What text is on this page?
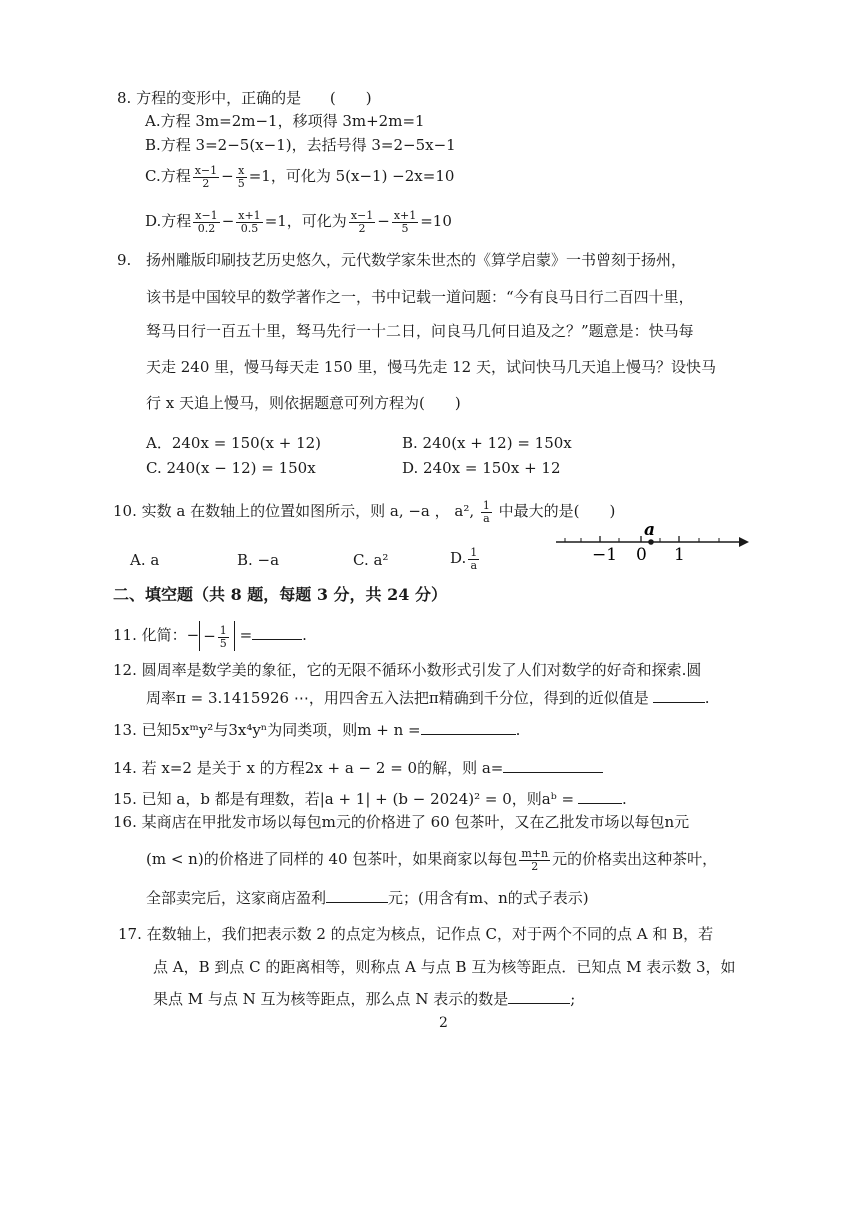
8. 方程的变形中，正确的是 (　　)
A.方程 3m=2m−1，移项得 3m+2m=1
B.方程 3=2−5(x−1)，去括号得 3=2−5x−1
C.方程 $\frac{x-1}{2} - \frac{x}{5} =1$，可化为 5(x−1) −2x=10
D.方程 $\frac{x-1}{0.2} - \frac{x+1}{0.5} =1$，可化为 $\frac{x-1}{2} - \frac{x+1}{5} =10$
9. 扬州雕版印刷技艺历史悠久，元代数学家朱世杰的《算学启蒙》一书曾刻于扬州，
该书是中国较早的数学著作之一，书中记载一道问题：“今有良马日行二百四十里，
驽马日行一百五十里，驽马先行一十二日，问良马几何日追及之？”题意是：快马每
天走 240 里，慢马每天走 150 里，慢马先走 12 天，试问快马几天追上慢马？设快马
行 x 天追上慢马，则依据题意可列方程为(　　)
A．240x = 150(x + 12)	B. 240(x + 12) = 150x
C. 240(x − 12) = 150x	D. 240x = 150x + 12
10. 实数 a 在数轴上的位置如图所示，则 a, −a ， a², $\frac{1}{a}$ 中最大的是(　　)
A. a	B. −a	C. a²	D. $\frac{1}{a}$
a
−1 0 1
二、填空题（共 8 题，每题 3 分，共 24 分）
11. 化简：− − $\frac{1}{5}$ =	.
12. 圆周率是数学美的象征，它的无限不循环小数形式引发了人们对数学的好奇和探索.圆
周率π = 3.1415926 ⋯，用四舍五入法把π精确到千分位，得到的近似值是	.
13. 已知5xᵐy²与3x⁴yⁿ为同类项，则m + n =	.
14. 若 x=2 是关于 x 的方程2x + a − 2 = 0的解，则 a=
15. 已知 a，b 都是有理数，若|a + 1| + (b − 2024)² = 0，则aᵇ =	.
16. 某商店在甲批发市场以每包m元的价格进了 60 包茶叶，又在乙批发市场以每包n元
(m < n)的价格进了同样的 40 包茶叶，如果商家以每包 $\frac{m+n}{2}$ 元的价格卖出这种茶叶，
全部卖完后，这家商店盈利	元；(用含有m、n的式子表示)
17. 在数轴上，我们把表示数 2 的点定为核点，记作点 C，对于两个不同的点 A 和 B，若
点 A，B 到点 C 的距离相等，则称点 A 与点 B 互为核等距点．已知点 M 表示数 3，如
果点 M 与点 N 互为核等距点，那么点 N 表示的数是	;
2
